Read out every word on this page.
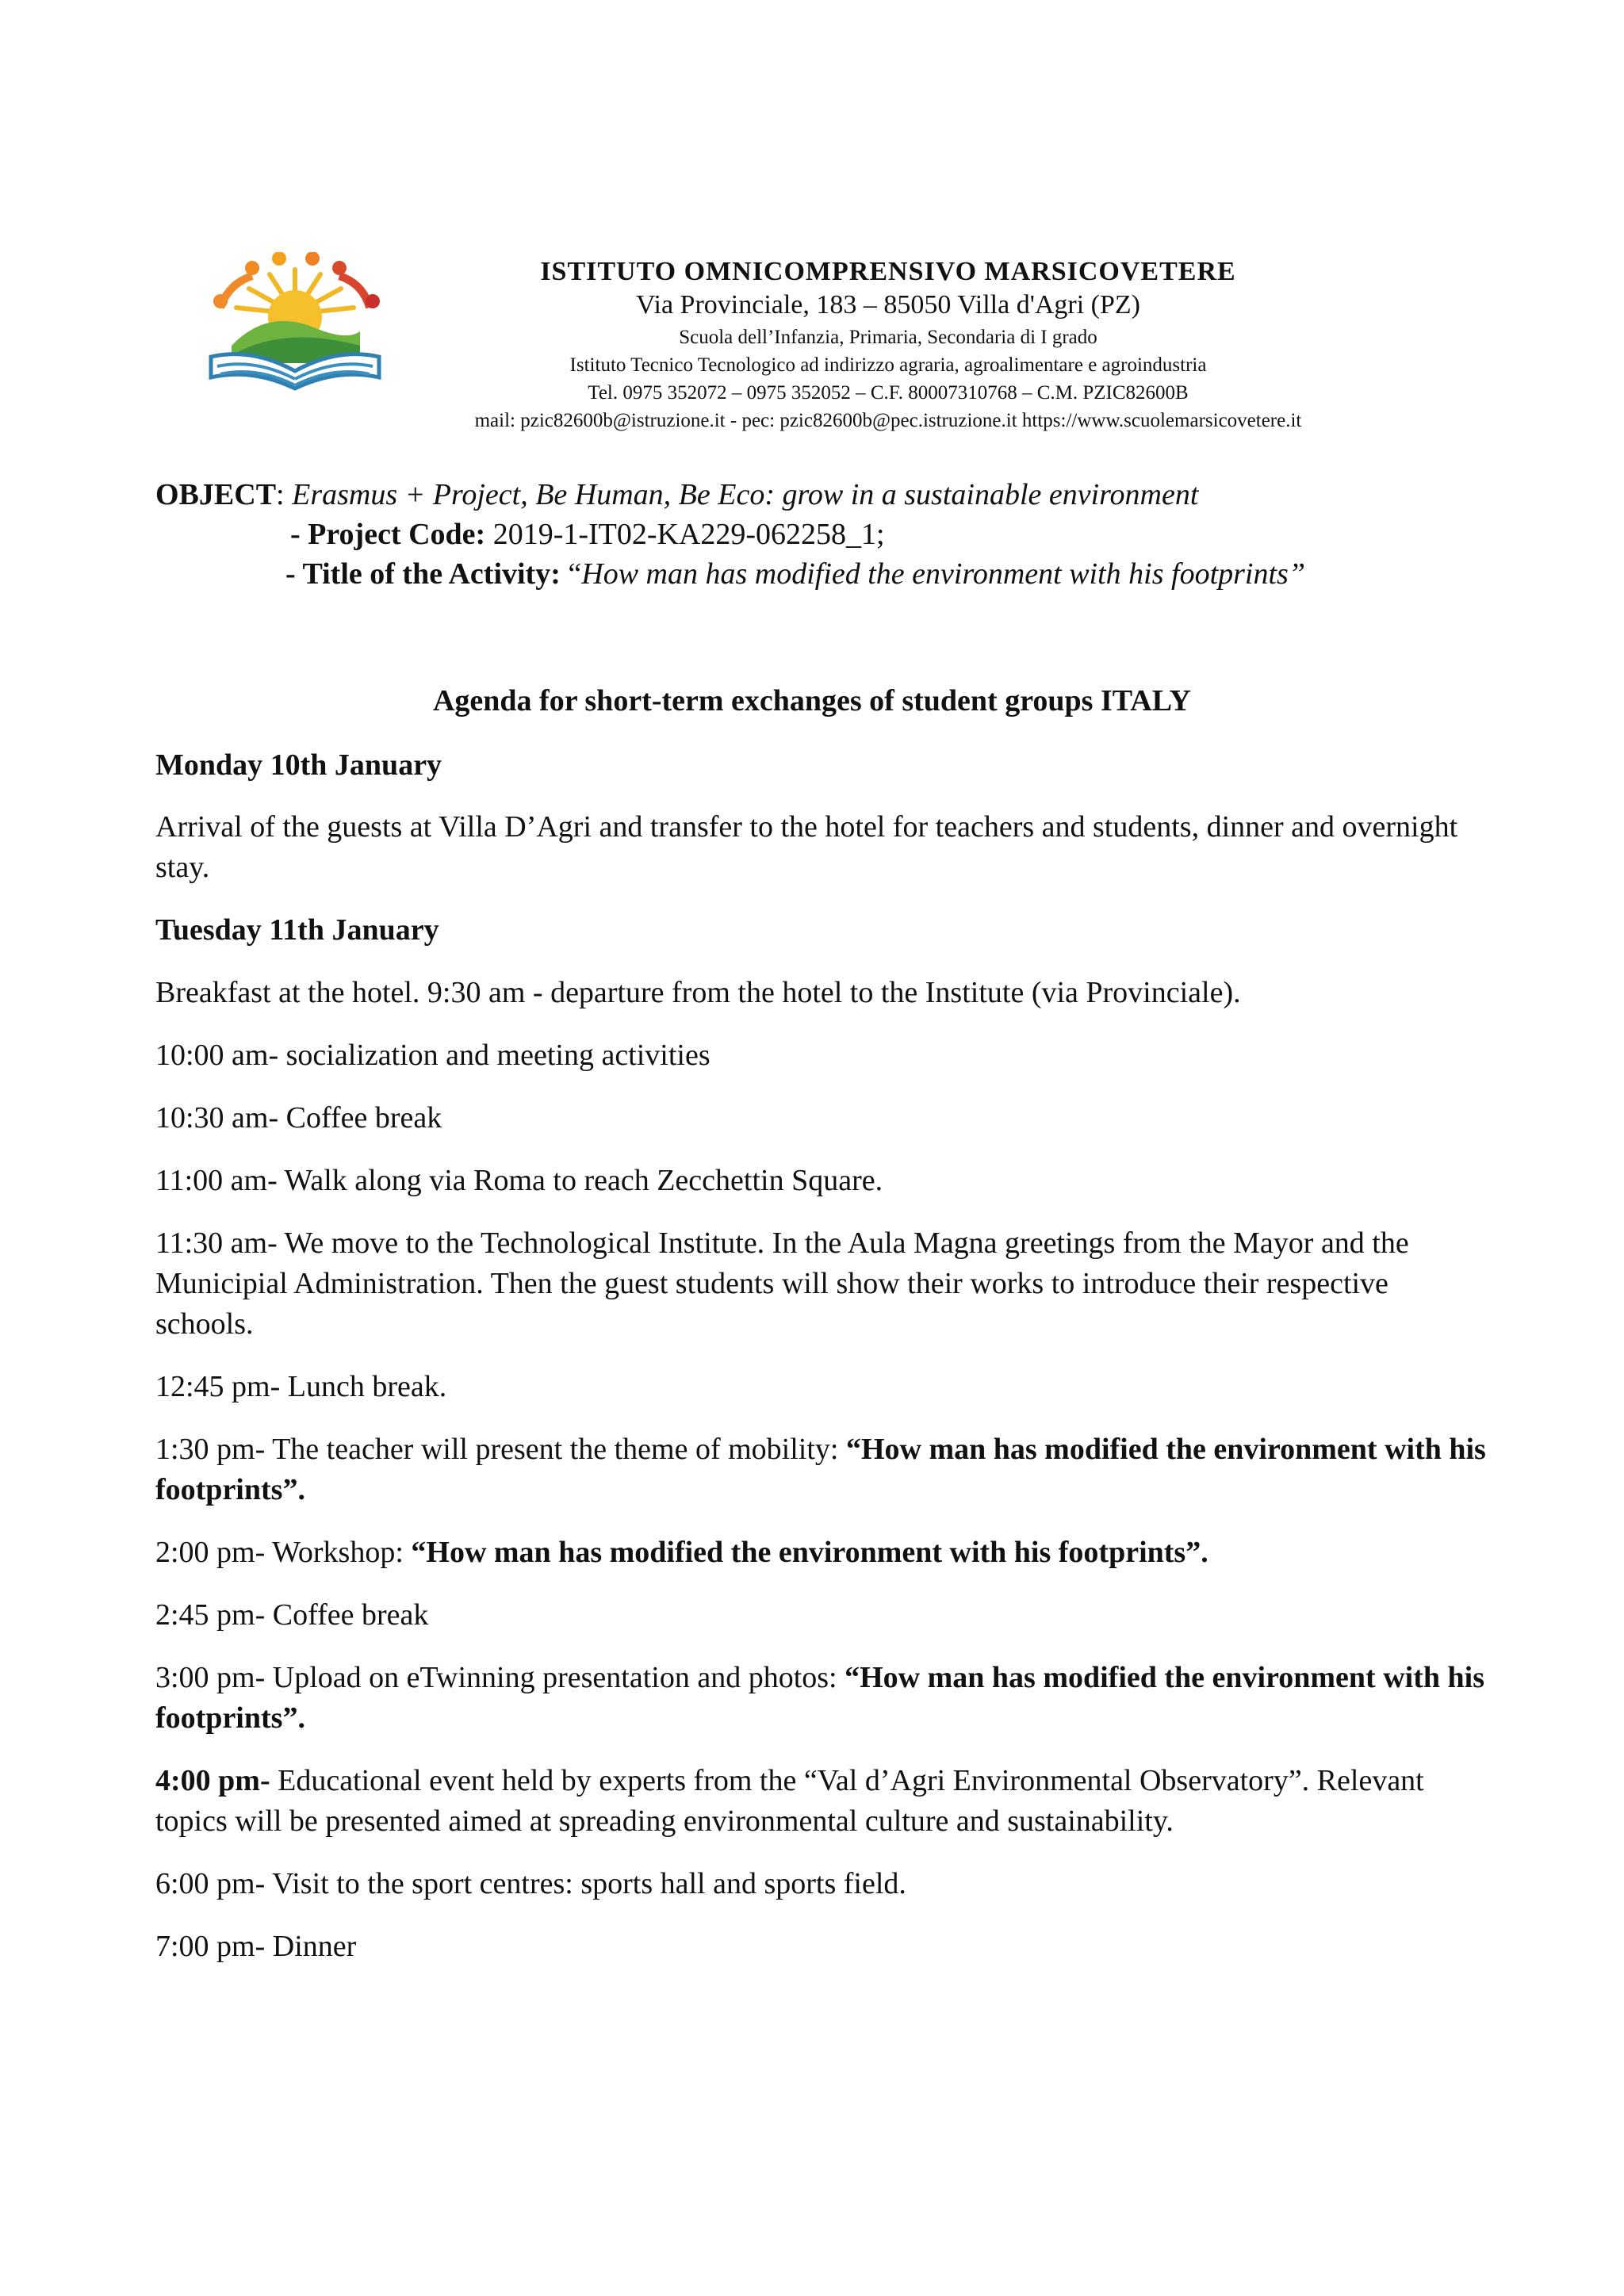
ISTITUTO OMNICOMPRENSIVO MARSICOVETERE
Via Provinciale, 183 – 85050 Villa d'Agri (PZ)
Scuola dell’Infanzia, Primaria, Secondaria di I grado
Istituto Tecnico Tecnologico ad indirizzo agraria, agroalimentare e agroindustria
Tel. 0975 352072 – 0975 352052 – C.F. 80007310768 – C.M. PZIC82600B
mail: pzic82600b@istruzione.it - pec: pzic82600b@pec.istruzione.it https://www.scuolemarsicovetere.it
OBJECT: Erasmus + Project, Be Human, Be Eco: grow in a sustainable environment
- Project Code: 2019-1-IT02-KA229-062258_1;
- Title of the Activity: “How man has modified the environment with his footprints”
Agenda for short-term exchanges of student groups ITALY

Monday 10th January

Arrival of the guests at Villa D’Agri and transfer to the hotel for teachers and students, dinner and overnight stay.

Tuesday 11th January

Breakfast at the hotel. 9:30 am - departure from the hotel to the Institute (via Provinciale).

10:00 am- socialization and meeting activities

10:30 am- Coffee break

11:00 am- Walk along via Roma to reach Zecchettin Square.

11:30 am- We move to the Technological Institute. In the Aula Magna greetings from the Mayor and the Municipial Administration. Then the guest students will show their works to introduce their respective schools.

12:45 pm- Lunch break.

1:30 pm- The teacher will present the theme of mobility: “How man has modified the environment with his footprints”.

2:00 pm- Workshop: “How man has modified the environment with his footprints”.

2:45 pm- Coffee break

3:00 pm- Upload on eTwinning presentation and photos: “How man has modified the environment with his footprints”.

4:00 pm- Educational event held by experts from the “Val d’Agri Environmental Observatory”. Relevant topics will be presented aimed at spreading environmental culture and sustainability.

6:00 pm- Visit to the sport centres: sports hall and sports field.

7:00 pm- Dinner
